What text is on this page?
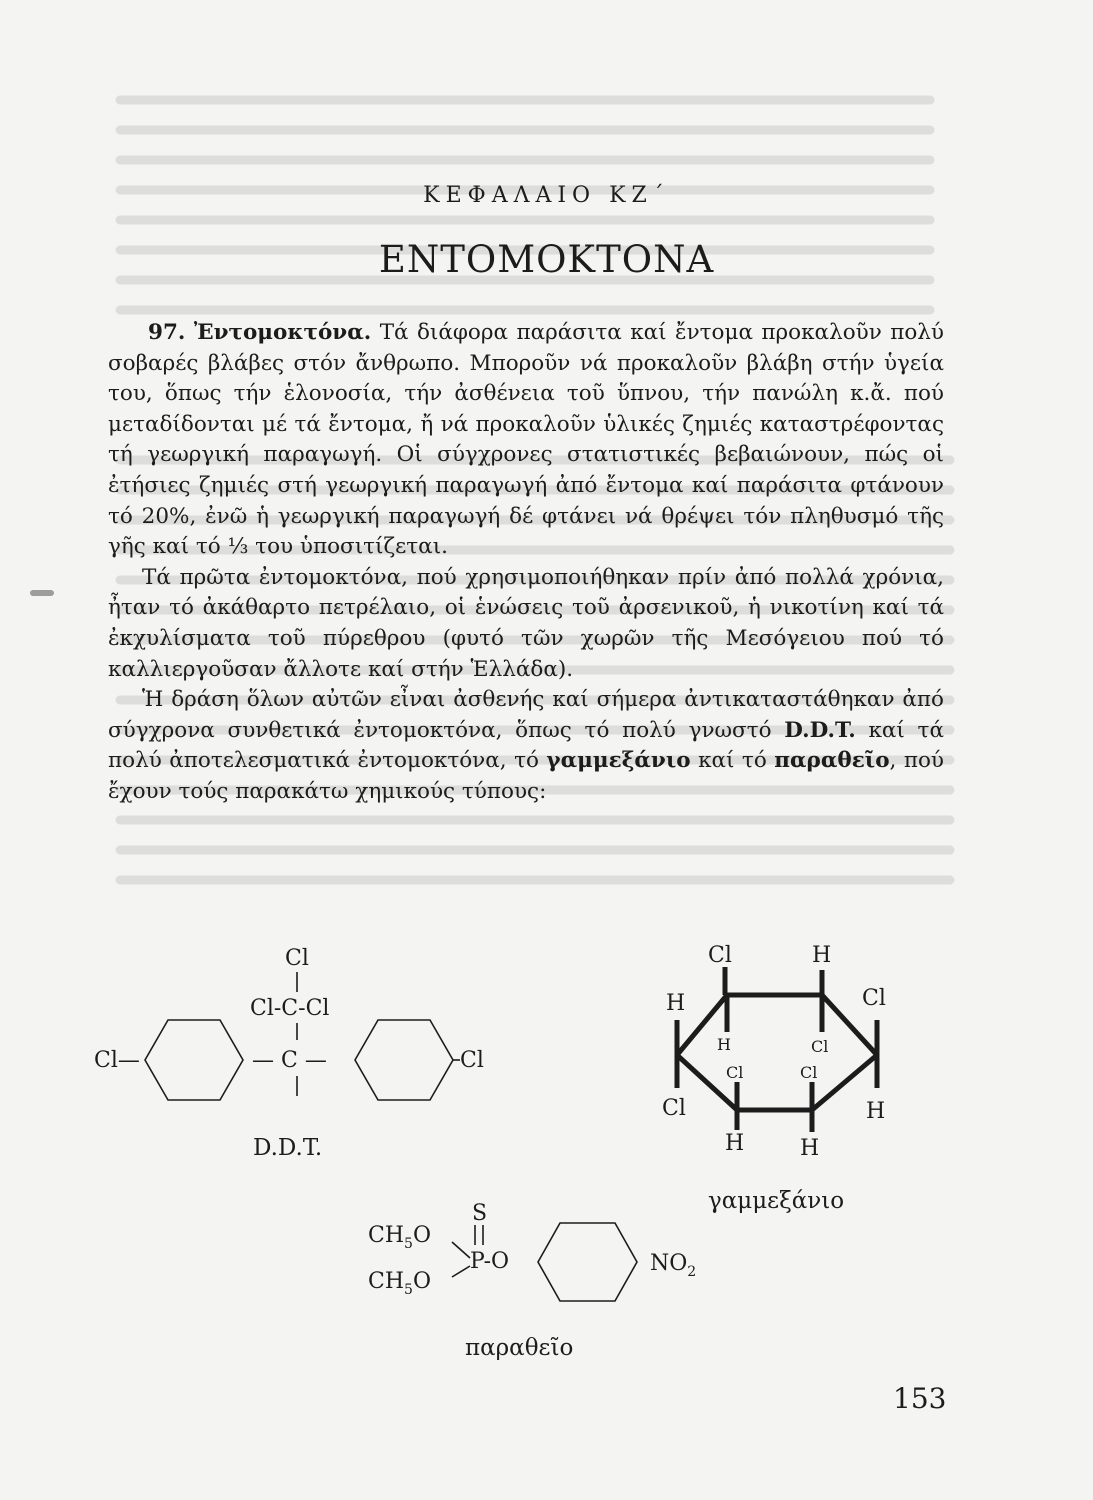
ΚΕΦΑΛΑΙΟ ΚΖ΄
ΕΝΤΟΜΟΚΤΟΝΑ

97. Ἐντομοκτόνα. Τά διάφορα παράσιτα καί ἔντομα προκαλοῦν πολύ σοβαρές βλάβες στόν ἄνθρωπο. Μποροῦν νά προκαλοῦν βλάβη στήν ὑγεία του, ὅπως τήν ἑλονοσία, τήν ἀσθένεια τοῦ ὕπνου, τήν πανώλη κ.ἄ. πού μεταδίδονται μέ τά ἔντομα, ἤ νά προκαλοῦν ὑλικές ζημιές καταστρέφοντας τή γεωργική παραγωγή. Οἱ σύγχρονες στατιστικές βεβαιώνουν, πώς οἱ ἐτήσιες ζημιές στή γεωργική παραγωγή ἀπό ἔντομα καί παράσιτα φτάνουν τό 20%, ἐνῶ ἡ γεωργική παραγωγή δέ φτάνει νά θρέψει τόν πληθυσμό τῆς γῆς καί τό ⅓ του ὑποσιτίζεται.

Τά πρῶτα ἐντομοκτόνα, πού χρησιμοποιήθηκαν πρίν ἀπό πολλά χρόνια, ἦταν τό ἀκάθαρτο πετρέλαιο, οἱ ἑνώσεις τοῦ ἀρσενικοῦ, ἡ νικοτίνη καί τά ἐκχυλίσματα τοῦ πύρεθρου (φυτό τῶν χωρῶν τῆς Μεσόγειου πού τό καλλιεργοῦσαν ἄλλοτε καί στήν Ἑλλάδα).

Ἡ δράση ὅλων αὐτῶν εἶναι ἀσθενής καί σήμερα ἀντικαταστάθηκαν ἀπό σύγχρονα συνθετικά ἐντομοκτόνα, ὅπως τό πολύ γνωστό D.D.T. καί τά πολύ ἀποτελεσματικά ἐντομοκτόνα, τό γαμμεξάνιο καί τό παραθεῖο, πού ἔχουν τούς παρακάτω χημικούς τύπους:

Cl
Cl-C-Cl
Cl—	— C —	Cl
D.D.T.
Cl	H
H	Cl
H	Cl
Cl	Cl
Cl	H
H	H
γαμμεξάνιο
S
$CH_5O$
$CH_5O$
P-O	$NO_2$
παραθεῖο
153
